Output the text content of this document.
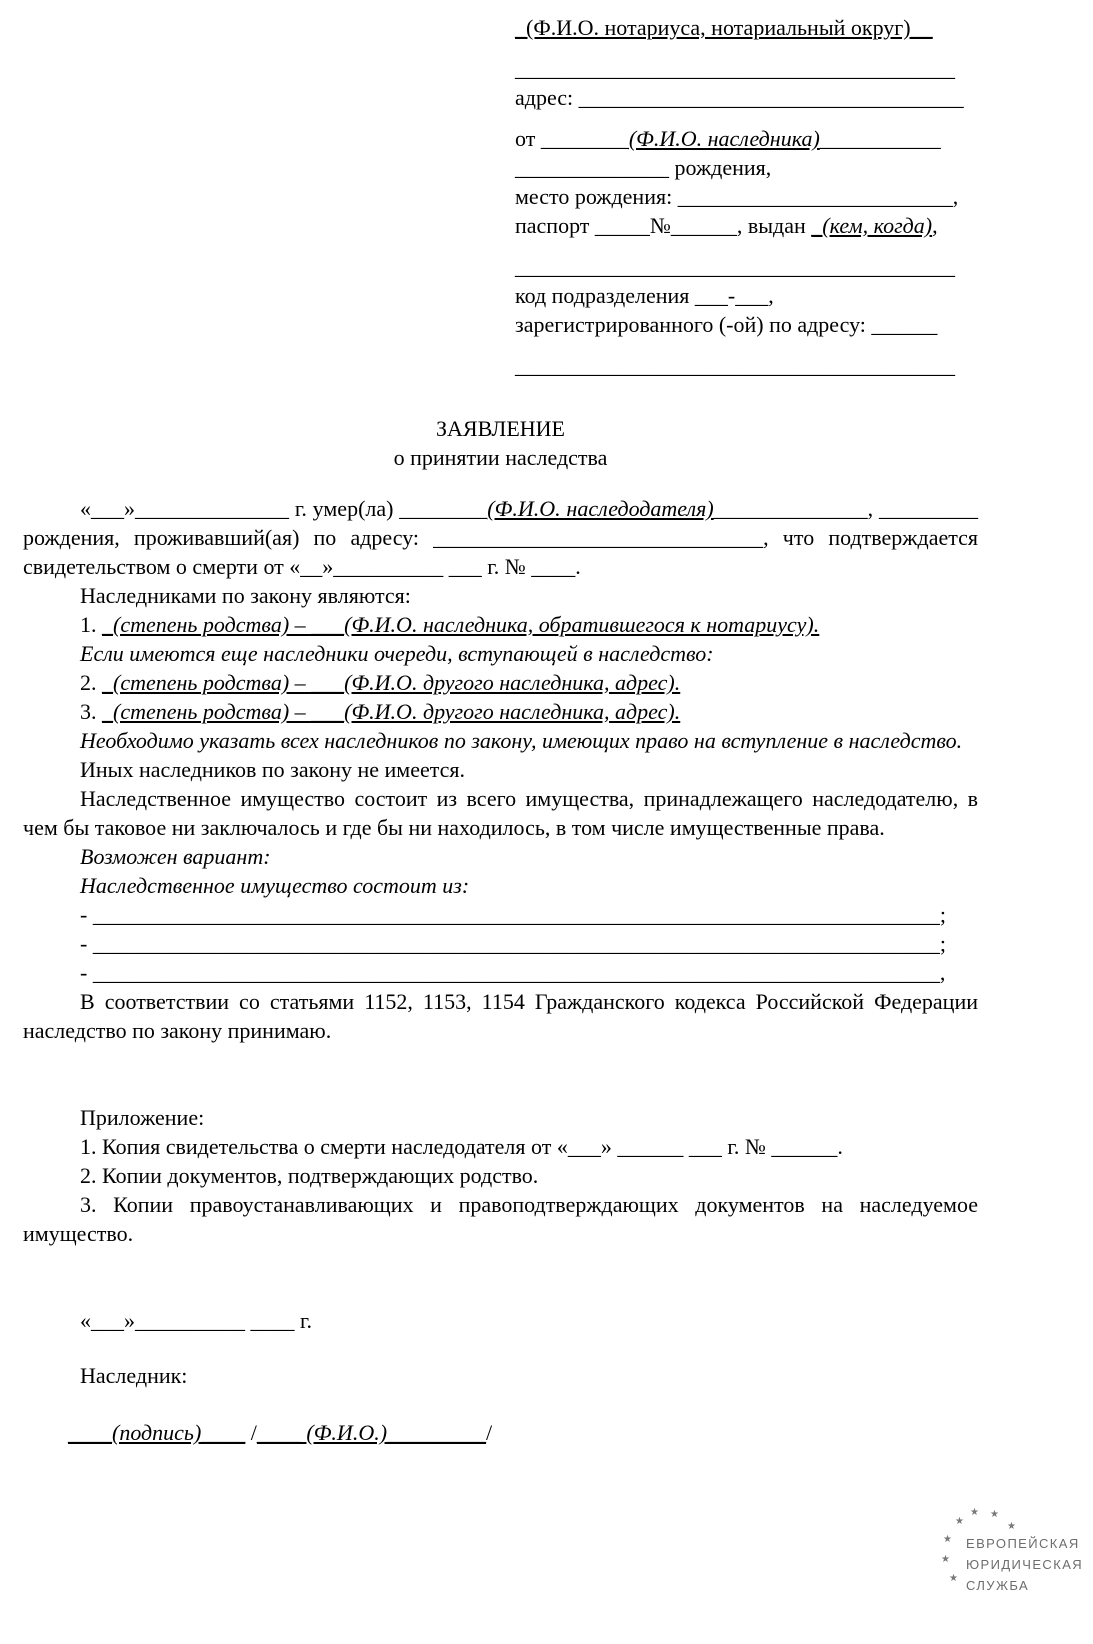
_(Ф.И.О. нотариуса, нотариальный округ)__

________________________________________

адрес: ___________________________________

от ________(Ф.И.О. наследника)___________

______________ рождения,

место рождения: _________________________,

паспорт _____№______, выдан _(кем, когда),

________________________________________

код подразделения ___-___,

зарегистрированного (-ой) по адресу: ______

________________________________________

ЗАЯВЛЕНИЕ

о принятии наследства

«___»______________ г. умер(ла) ________(Ф.И.О. наследодателя)______________, _________ рождения, проживавший(ая) по адресу: ______________________________, что подтверждается свидетельством о смерти от «__»__________ ___ г. № ____.

Наследниками по закону являются:

1. _(степень родства) – ___(Ф.И.О. наследника, обратившегося к нотариусу).

Если имеются еще наследники очереди, вступающей в наследство:

2. _(степень родства) – ___(Ф.И.О. другого наследника, адрес).

3. _(степень родства) – ___(Ф.И.О. другого наследника, адрес).

Необходимо указать всех наследников по закону, имеющих право на вступление в наследство.

Иных наследников по закону не имеется.

Наследственное имущество состоит из всего имущества, принадлежащего наследодателю, в чем бы таковое ни заключалось и где бы ни находилось, в том числе имущественные права.

Возможен вариант:

Наследственное имущество состоит из:

- _____________________________________________________________________________;

- _____________________________________________________________________________;

- _____________________________________________________________________________,

В соответствии со статьями 1152, 1153, 1154 Гражданского кодекса Российской Федерации наследство по закону принимаю.

Приложение:

1. Копия свидетельства о смерти наследодателя от «___» ______ ___ г. № ______.

2. Копии документов, подтверждающих родство.

3. Копии правоустанавливающих и правоподтверждающих документов на наследуемое имущество.

«___»__________ ____ г.

Наследник:

____(подпись)____ /____ (Ф.И.О.)_________/

★ ★
★
★
★
★
★
ЕВРОПЕЙСКАЯ
ЮРИДИЧЕСКАЯ
СЛУЖБА
